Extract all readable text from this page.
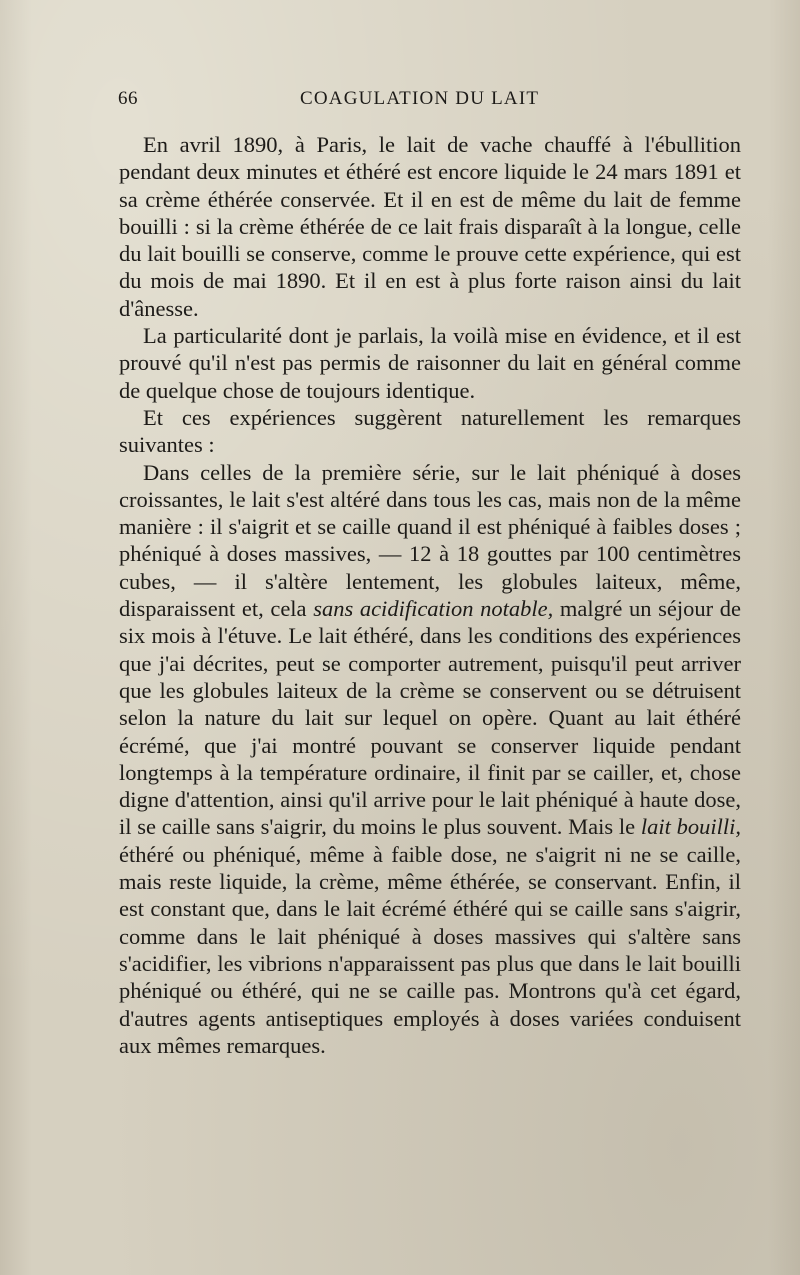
66	COAGULATION DU LAIT

En avril 1890, à Paris, le lait de vache chauffé à l'ébullition pendant deux minutes et éthéré est encore liquide le 24 mars 1891 et sa crème éthérée conservée. Et il en est de même du lait de femme bouilli : si la crème éthérée de ce lait frais disparaît à la longue, celle du lait bouilli se conserve, comme le prouve cette expérience, qui est du mois de mai 1890. Et il en est à plus forte raison ainsi du lait d'ânesse.

La particularité dont je parlais, la voilà mise en évidence, et il est prouvé qu'il n'est pas permis de raisonner du lait en général comme de quelque chose de toujours identique.

Et ces expériences suggèrent naturellement les remarques suivantes :

Dans celles de la première série, sur le lait phéniqué à doses croissantes, le lait s'est altéré dans tous les cas, mais non de la même manière : il s'aigrit et se caille quand il est phéniqué à faibles doses ; phéniqué à doses massives, — 12 à 18 gouttes par 100 centimètres cubes, — il s'altère lentement, les globules laiteux, même, disparaissent et, cela sans acidification notable, malgré un séjour de six mois à l'étuve. Le lait éthéré, dans les conditions des expériences que j'ai décrites, peut se comporter autrement, puisqu'il peut arriver que les globules laiteux de la crème se conservent ou se détruisent selon la nature du lait sur lequel on opère. Quant au lait éthéré écrémé, que j'ai montré pouvant se conserver liquide pendant longtemps à la température ordinaire, il finit par se cailler, et, chose digne d'attention, ainsi qu'il arrive pour le lait phéniqué à haute dose, il se caille sans s'aigrir, du moins le plus souvent. Mais le lait bouilli, éthéré ou phéniqué, même à faible dose, ne s'aigrit ni ne se caille, mais reste liquide, la crème, même éthérée, se conservant. Enfin, il est constant que, dans le lait écrémé éthéré qui se caille sans s'aigrir, comme dans le lait phéniqué à doses massives qui s'altère sans s'acidifier, les vibrions n'apparaissent pas plus que dans le lait bouilli phéniqué ou éthéré, qui ne se caille pas. Montrons qu'à cet égard, d'autres agents antiseptiques employés à doses variées conduisent aux mêmes remarques.
